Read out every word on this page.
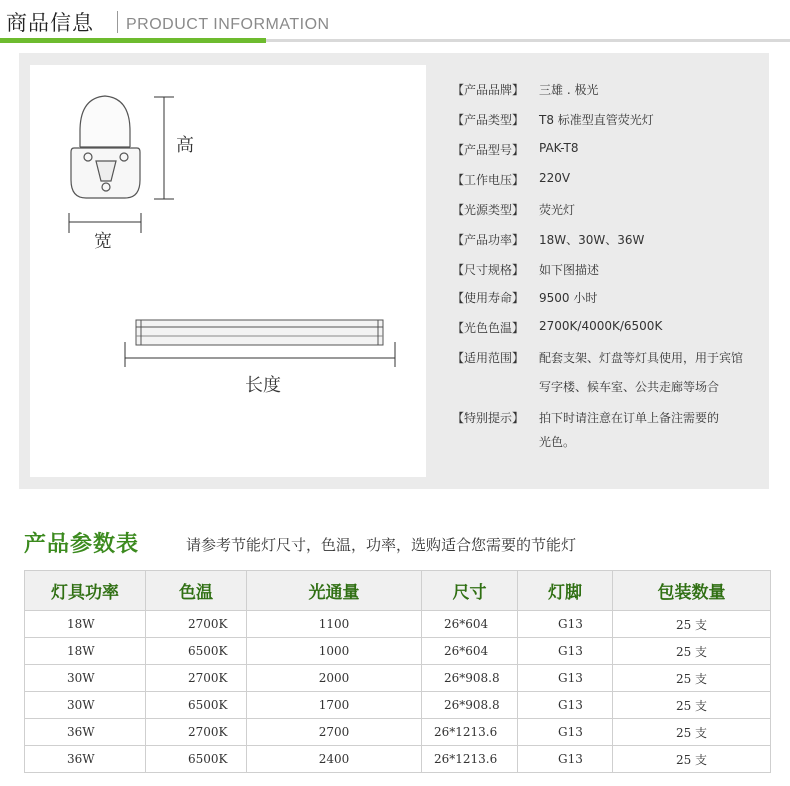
商品信息 PRODUCT INFORMATION
高
宽
长度
【产品品牌】 三雄 . 极光
【产品类型】 T8 标准型直管荧光灯
【产品型号】 PAK-T8
【工作电压】 220V
【光源类型】 荧光灯
【产品功率】 18W、30W、36W
【尺寸规格】 如下图描述
【使用寿命】 9500 小时
【光色色温】 2700K/4000K/6500K
【适用范围】 配套支架、灯盘等灯具使用，用于宾馆
写字楼、候车室、公共走廊等场合
【特别提示】 拍下时请注意在订单上备注需要的
光色。
产品参数表	请参考节能灯尺寸，色温，功率，选购适合您需要的节能灯
灯具功率	色温	光通量	尺寸	灯脚	包装数量
18W	2700K	1100	26*604	G13	25 支
18W	6500K	1000	26*604	G13	25 支
30W	2700K	2000	26*908.8	G13	25 支
30W	6500K	1700	26*908.8	G13	25 支
36W	2700K	2700	26*1213.6	G13	25 支
36W	6500K	2400	26*1213.6	G13	25 支
